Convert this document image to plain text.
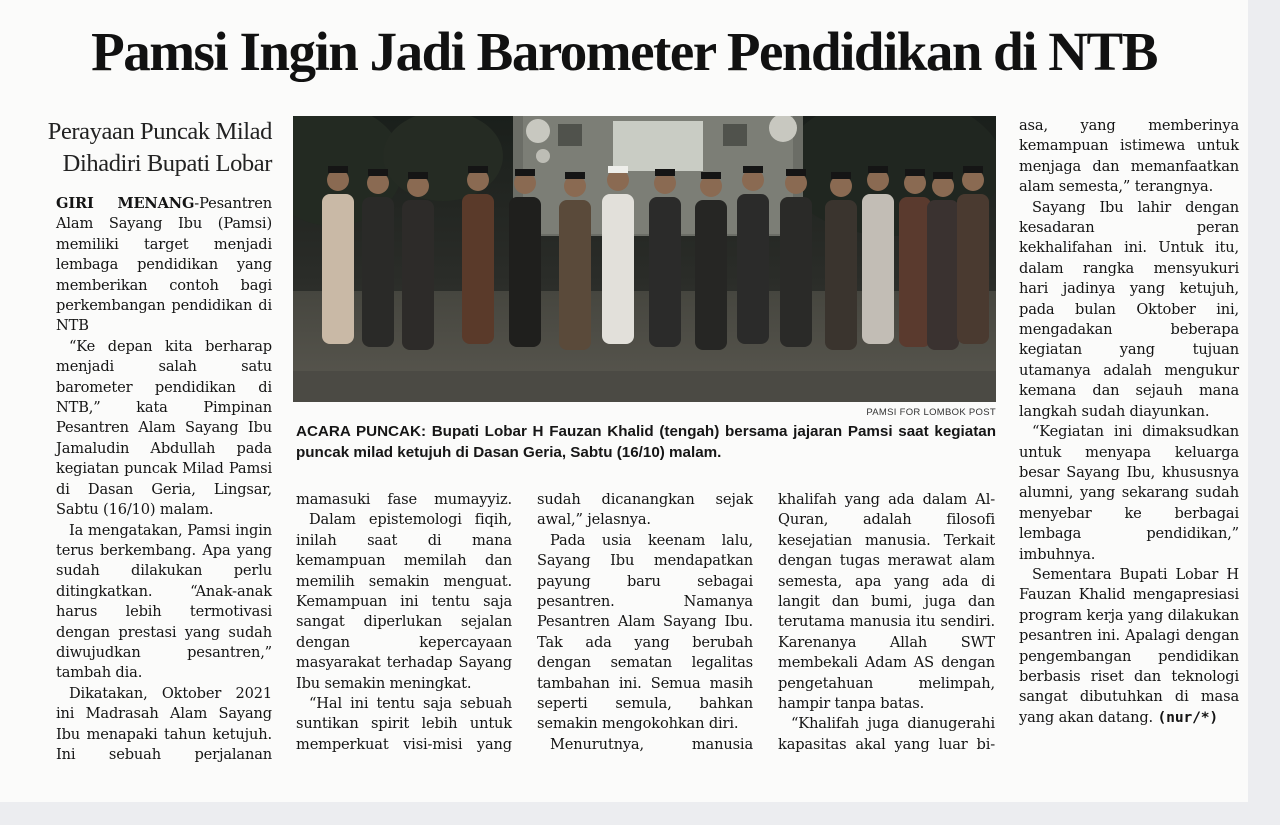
Pamsi Ingin Jadi Barometer Pendidikan di NTB
Perayaan Puncak Milad
Dihadiri Bupati Lobar

GIRI MENANG-Pesantren Alam Sayang Ibu (Pamsi) memiliki target menjadi lembaga pendidikan yang memberikan contoh bagi perkembangan pendidikan di NTB

“Ke depan kita berharap menjadi salah satu barometer pendidikan di NTB,” kata Pimpinan Pesantren Alam Sayang Ibu Jamaludin Abdullah pada kegiatan puncak Milad Pamsi di Dasan Geria, Lingsar, Sabtu (16/10) malam.

Ia mengatakan, Pamsi ingin terus berkembang. Apa yang sudah dilakukan perlu ditingkatkan. “Anak-anak harus lebih termotivasi dengan prestasi yang sudah diwujudkan pesantren,” tambah dia.

Dikatakan, Oktober 2021 ini Madrasah Alam Sayang Ibu menapaki tahun ketujuh. Ini sebuah perjalanan

PAMSI FOR LOMBOK POST
ACARA PUNCAK: Bupati Lobar H Fauzan Khalid (tengah) bersama jajaran Pamsi saat kegiatan puncak milad ketujuh di Dasan Geria, Sabtu (16/10) malam.

mamasuki fase mumayyiz.

Dalam epistemologi fiqih, inilah saat di mana kemampuan memilah dan memilih semakin menguat. Kemampuan ini tentu saja sangat diperlukan sejalan dengan kepercayaan masyarakat terhadap Sayang Ibu semakin meningkat.

“Hal ini tentu saja sebuah suntikan spirit lebih untuk memperkuat visi-misi yang

sudah dicanangkan sejak awal,” jelasnya.

Pada usia keenam lalu, Sayang Ibu mendapatkan payung baru sebagai pesantren. Namanya Pesantren Alam Sayang Ibu. Tak ada yang berubah dengan sematan legalitas tambahan ini. Semua masih seperti semula, bahkan semakin mengokohkan diri.

Menurutnya, manusia

khalifah yang ada dalam Al-Quran, adalah filosofi kesejatian manusia. Terkait dengan tugas merawat alam semesta, apa yang ada di langit dan bumi, juga dan terutama manusia itu sendiri. Karenanya Allah SWT membekali Adam AS dengan pengetahuan melimpah, hampir tanpa batas.

“Khalifah juga dianugerahi kapasitas akal yang luar bi-

asa, yang memberinya kemampuan istimewa untuk menjaga dan memanfaatkan alam semesta,” terangnya.

Sayang Ibu lahir dengan kesadaran peran kekhalifahan ini. Untuk itu, dalam rangka mensyukuri hari jadinya yang ketujuh, pada bulan Oktober ini, mengadakan beberapa kegiatan yang tujuan utamanya adalah mengukur kemana dan sejauh mana langkah sudah diayunkan.

“Kegiatan ini dimaksudkan untuk menyapa keluarga besar Sayang Ibu, khususnya alumni, yang sekarang sudah menyebar ke berbagai lembaga pendidikan,” imbuhnya.

Sementara Bupati Lobar H Fauzan Khalid mengapresiasi program kerja yang dilakukan pesantren ini. Apalagi dengan pengembangan pendidikan berbasis riset dan teknologi sangat dibutuhkan di masa yang akan datang. (nur/*)
